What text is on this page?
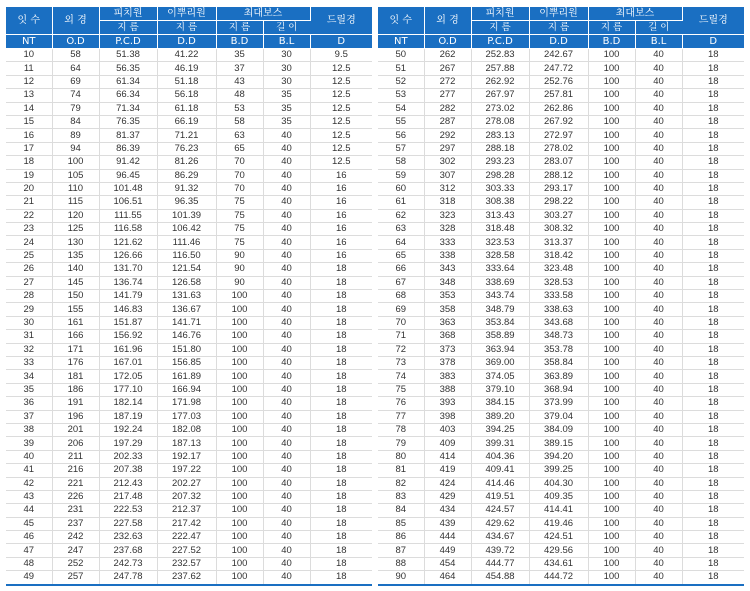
잇 수	외 경	피치원	이뿌리원	최대보스		드릴경
		지 름	지 름	지 름	길 이	
NT	O.D	P.C.D	D.D	B.D	B.L	D
10	58	51.38	41.22	35	30	9.5
11	64	56.35	46.19	37	30	12.5
12	69	61.34	51.18	43	30	12.5
13	74	66.34	56.18	48	35	12.5
14	79	71.34	61.18	53	35	12.5
15	84	76.35	66.19	58	35	12.5
16	89	81.37	71.21	63	40	12.5
17	94	86.39	76.23	65	40	12.5
18	100	91.42	81.26	70	40	12.5
19	105	96.45	86.29	70	40	16
20	110	101.48	91.32	70	40	16
21	115	106.51	96.35	75	40	16
22	120	111.55	101.39	75	40	16
23	125	116.58	106.42	75	40	16
24	130	121.62	111.46	75	40	16
25	135	126.66	116.50	90	40	16
26	140	131.70	121.54	90	40	18
27	145	136.74	126.58	90	40	18
28	150	141.79	131.63	100	40	18
29	155	146.83	136.67	100	40	18
30	161	151.87	141.71	100	40	18
31	166	156.92	146.76	100	40	18
32	171	161.96	151.80	100	40	18
33	176	167.01	156.85	100	40	18
34	181	172.05	161.89	100	40	18
35	186	177.10	166.94	100	40	18
36	191	182.14	171.98	100	40	18
37	196	187.19	177.03	100	40	18
38	201	192.24	182.08	100	40	18
39	206	197.29	187.13	100	40	18
40	211	202.33	192.17	100	40	18
41	216	207.38	197.22	100	40	18
42	221	212.43	202.27	100	40	18
43	226	217.48	207.32	100	40	18
44	231	222.53	212.37	100	40	18
45	237	227.58	217.42	100	40	18
46	242	232.63	222.47	100	40	18
47	247	237.68	227.52	100	40	18
48	252	242.73	232.57	100	40	18
49	257	247.78	237.62	100	40	18
잇 수	외 경	피치원	이뿌리원	최대보스		드릴경
		지 름	지 름	지 름	길 이	
NT	O.D	P.C.D	D.D	B.D	B.L	D
50	262	252.83	242.67	100	40	18
51	267	257.88	247.72	100	40	18
52	272	262.92	252.76	100	40	18
53	277	267.97	257.81	100	40	18
54	282	273.02	262.86	100	40	18
55	287	278.08	267.92	100	40	18
56	292	283.13	272.97	100	40	18
57	297	288.18	278.02	100	40	18
58	302	293.23	283.07	100	40	18
59	307	298.28	288.12	100	40	18
60	312	303.33	293.17	100	40	18
61	318	308.38	298.22	100	40	18
62	323	313.43	303.27	100	40	18
63	328	318.48	308.32	100	40	18
64	333	323.53	313.37	100	40	18
65	338	328.58	318.42	100	40	18
66	343	333.64	323.48	100	40	18
67	348	338.69	328.53	100	40	18
68	353	343.74	333.58	100	40	18
69	358	348.79	338.63	100	40	18
70	363	353.84	343.68	100	40	18
71	368	358.89	348.73	100	40	18
72	373	363.94	353.78	100	40	18
73	378	369.00	358.84	100	40	18
74	383	374.05	363.89	100	40	18
75	388	379.10	368.94	100	40	18
76	393	384.15	373.99	100	40	18
77	398	389.20	379.04	100	40	18
78	403	394.25	384.09	100	40	18
79	409	399.31	389.15	100	40	18
80	414	404.36	394.20	100	40	18
81	419	409.41	399.25	100	40	18
82	424	414.46	404.30	100	40	18
83	429	419.51	409.35	100	40	18
84	434	424.57	414.41	100	40	18
85	439	429.62	419.46	100	40	18
86	444	434.67	424.51	100	40	18
87	449	439.72	429.56	100	40	18
88	454	444.77	434.61	100	40	18
90	464	454.88	444.72	100	40	18
